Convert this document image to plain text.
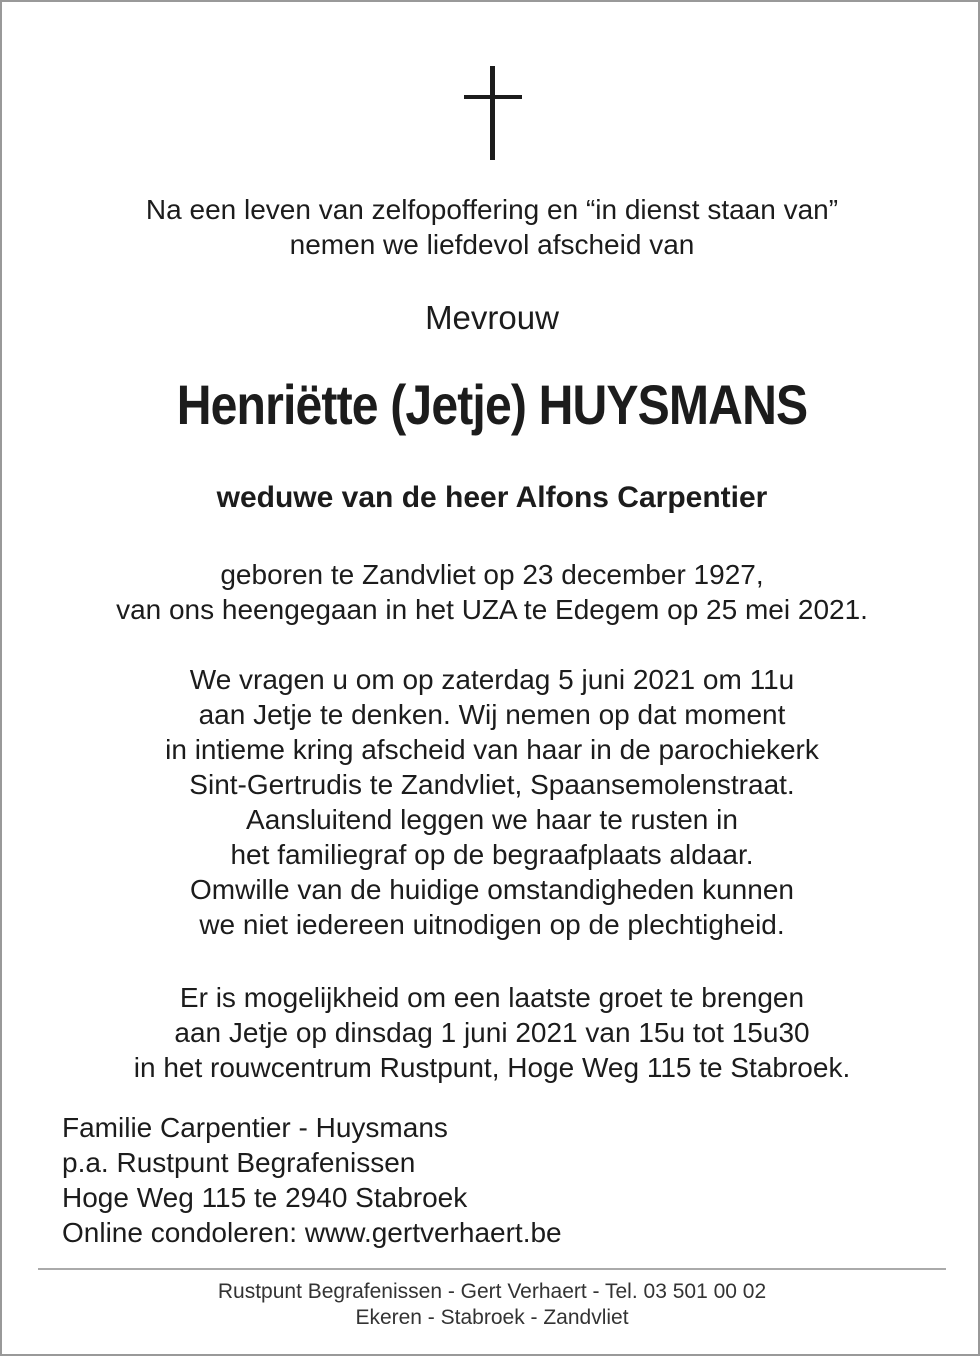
Na een leven van zelfopoffering en “in dienst staan van”
nemen we liefdevol afscheid van
Mevrouw
Henriëtte (Jetje) HUYSMANS
weduwe van de heer Alfons Carpentier
geboren te Zandvliet op 23 december 1927,
van ons heengegaan in het UZA te Edegem op 25 mei 2021.
We vragen u om op zaterdag 5 juni 2021 om 11u
aan Jetje te denken. Wij nemen op dat moment
in intieme kring afscheid van haar in de parochiekerk
Sint-Gertrudis te Zandvliet, Spaansemolenstraat.
Aansluitend leggen we haar te rusten in
het familiegraf op de begraafplaats aldaar.
Omwille van de huidige omstandigheden kunnen
we niet iedereen uitnodigen op de plechtigheid.
Er is mogelijkheid om een laatste groet te brengen
aan Jetje op dinsdag 1 juni 2021 van 15u tot 15u30
in het rouwcentrum Rustpunt, Hoge Weg 115 te Stabroek.
Familie Carpentier - Huysmans
p.a. Rustpunt Begrafenissen
Hoge Weg 115 te 2940 Stabroek
Online condoleren: www.gertverhaert.be
Rustpunt Begrafenissen - Gert Verhaert - Tel. 03 501 00 02
Ekeren - Stabroek - Zandvliet
